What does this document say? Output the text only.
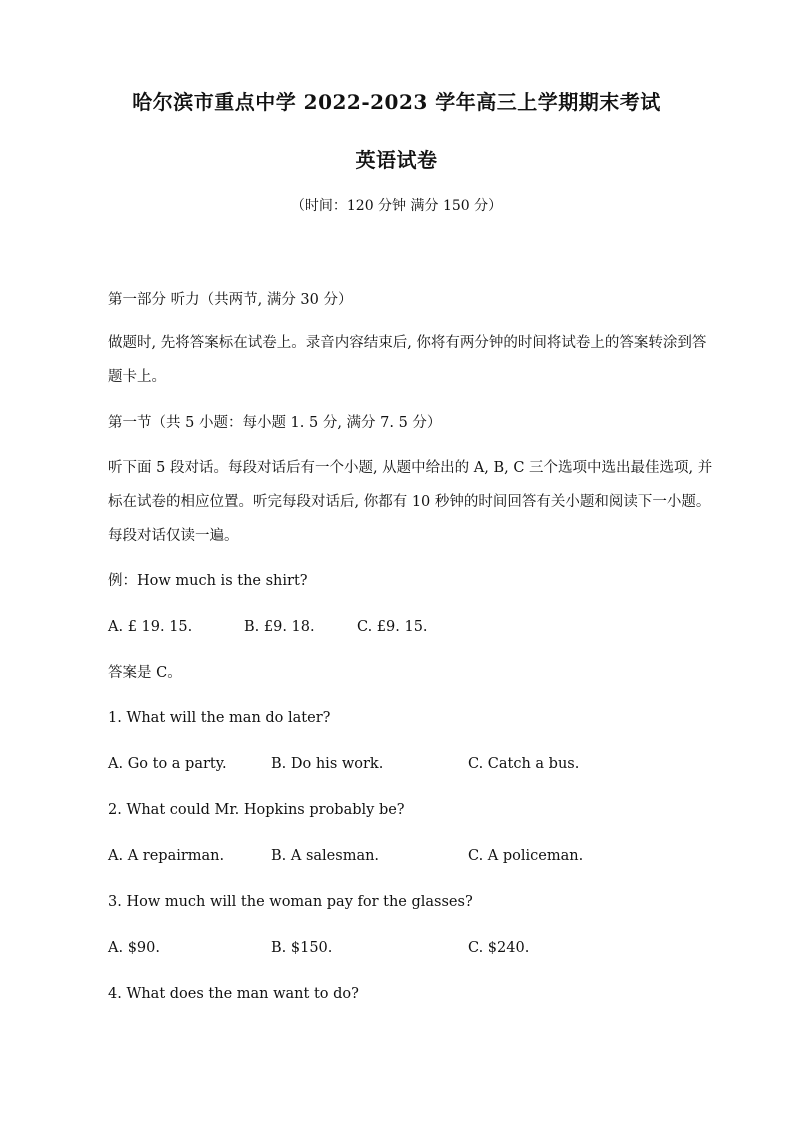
哈尔滨市重点中学 2022-2023 学年高三上学期期末考试
英语试卷
（时间：120 分钟 满分 150 分）
第一部分 听力（共两节, 满分 30 分）
做题时, 先将答案标在试卷上。录音内容结束后, 你将有两分钟的时间将试卷上的答案转涂到答题卡上。
第一节（共 5 小题：每小题 1. 5 分, 满分 7. 5 分）
听下面 5 段对话。每段对话后有一个小题, 从题中给出的 A, B, C 三个选项中选出最佳选项, 并标在试卷的相应位置。听完每段对话后, 你都有 10 秒钟的时间回答有关小题和阅读下一小题。每段对话仅读一遍。
例：How much is the shirt?
A. £ 19. 15.	B. £9. 18.	C. £9. 15.
答案是 C。
1. What will the man do later?
A. Go to a party.	B. Do his work.	C. Catch a bus.
2. What could Mr. Hopkins probably be?
A. A repairman.	B. A salesman.	C. A policeman.
3. How much will the woman pay for the glasses?
A. $90.	B. $150.	C. $240.
4. What does the man want to do?
